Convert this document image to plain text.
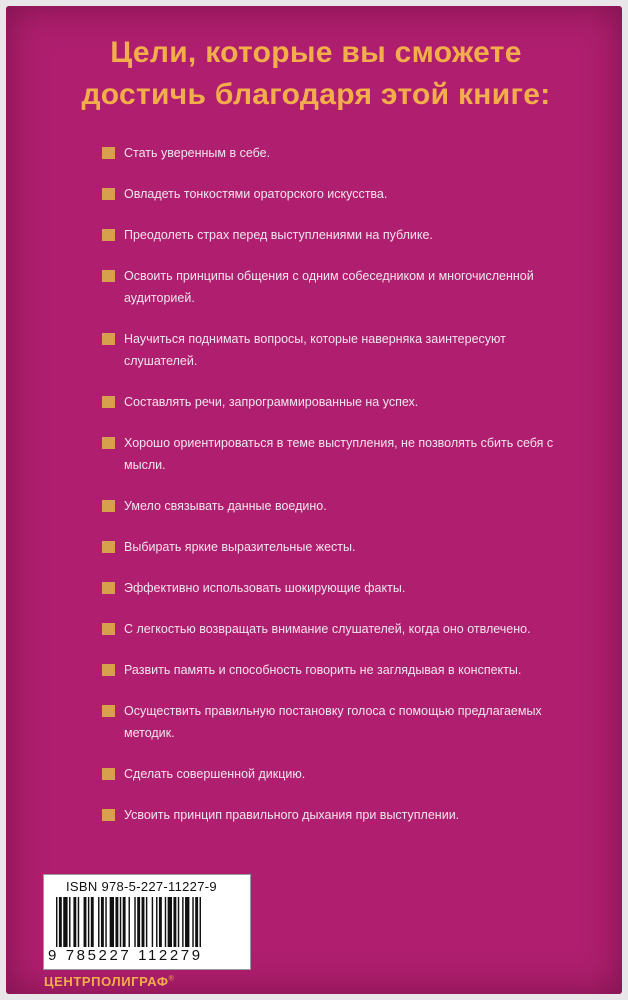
Цели, которые вы сможете
достичь благодаря этой книге:
Стать уверенным в себе.
Овладеть тонкостями ораторского искусства.
Преодолеть страх перед выступлениями на публике.
Освоить принципы общения с одним собеседником и многочисленной аудиторией.
Научиться поднимать вопросы, которые наверняка заинтересуют слушателей.
Составлять речи, запрограммированные на успех.
Хорошо ориентироваться в теме выступления, не позволять сбить себя с мысли.
Умело связывать данные воедино.
Выбирать яркие выразительные жесты.
Эффективно использовать шокирующие факты.
С легкостью возвращать внимание слушателей, когда оно отвлечено.
Развить память и способность говорить не заглядывая в конспекты.
Осуществить правильную постановку голоса с помощью предлагаемых методик.
Сделать совершенной дикцию.
Усвоить принцип правильного дыхания при выступлении.
ISBN 978-5-227-11227-9
9 785227 112279
ЦЕНТРПОЛИГРАФ®
